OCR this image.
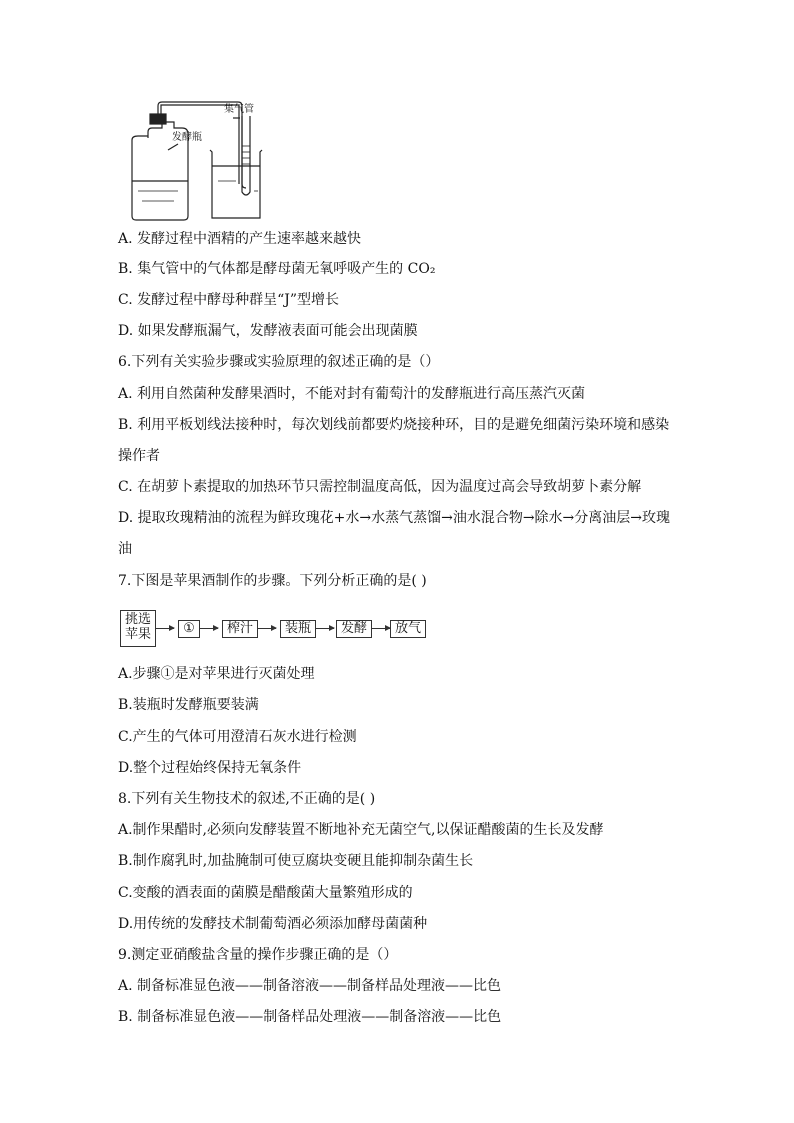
发酵瓶
集气管
A. 发酵过程中酒精的产生速率越来越快
B. 集气管中的气体都是酵母菌无氧呼吸产生的 CO₂
C. 发酵过程中酵母种群呈“J”型增长
D. 如果发酵瓶漏气，发酵液表面可能会出现菌膜
6.下列有关实验步骤或实验原理的叙述正确的是（）
A. 利用自然菌种发酵果酒时，不能对封有葡萄汁的发酵瓶进行高压蒸汽灭菌
B. 利用平板划线法接种时，每次划线前都要灼烧接种环，目的是避免细菌污染环境和感染
操作者
C. 在胡萝卜素提取的加热环节只需控制温度高低，因为温度过高会导致胡萝卜素分解
D. 提取玫瑰精油的流程为鲜玫瑰花+水→水蒸气蒸馏→油水混合物→除水→分离油层→玫瑰
油
7.下图是苹果酒制作的步骤。下列分析正确的是( )
挑选
苹果	①	榨汁	装瓶	发酵	放气
A.步骤①是对苹果进行灭菌处理
B.装瓶时发酵瓶要装满
C.产生的气体可用澄清石灰水进行检测
D.整个过程始终保持无氧条件
8.下列有关生物技术的叙述,不正确的是( )
A.制作果醋时,必须向发酵装置不断地补充无菌空气,以保证醋酸菌的生长及发酵
B.制作腐乳时,加盐腌制可使豆腐块变硬且能抑制杂菌生长
C.变酸的酒表面的菌膜是醋酸菌大量繁殖形成的
D.用传统的发酵技术制葡萄酒必须添加酵母菌菌种
9.测定亚硝酸盐含量的操作步骤正确的是（）
A. 制备标准显色液——制备溶液——制备样品处理液——比色
B. 制备标准显色液——制备样品处理液——制备溶液——比色
